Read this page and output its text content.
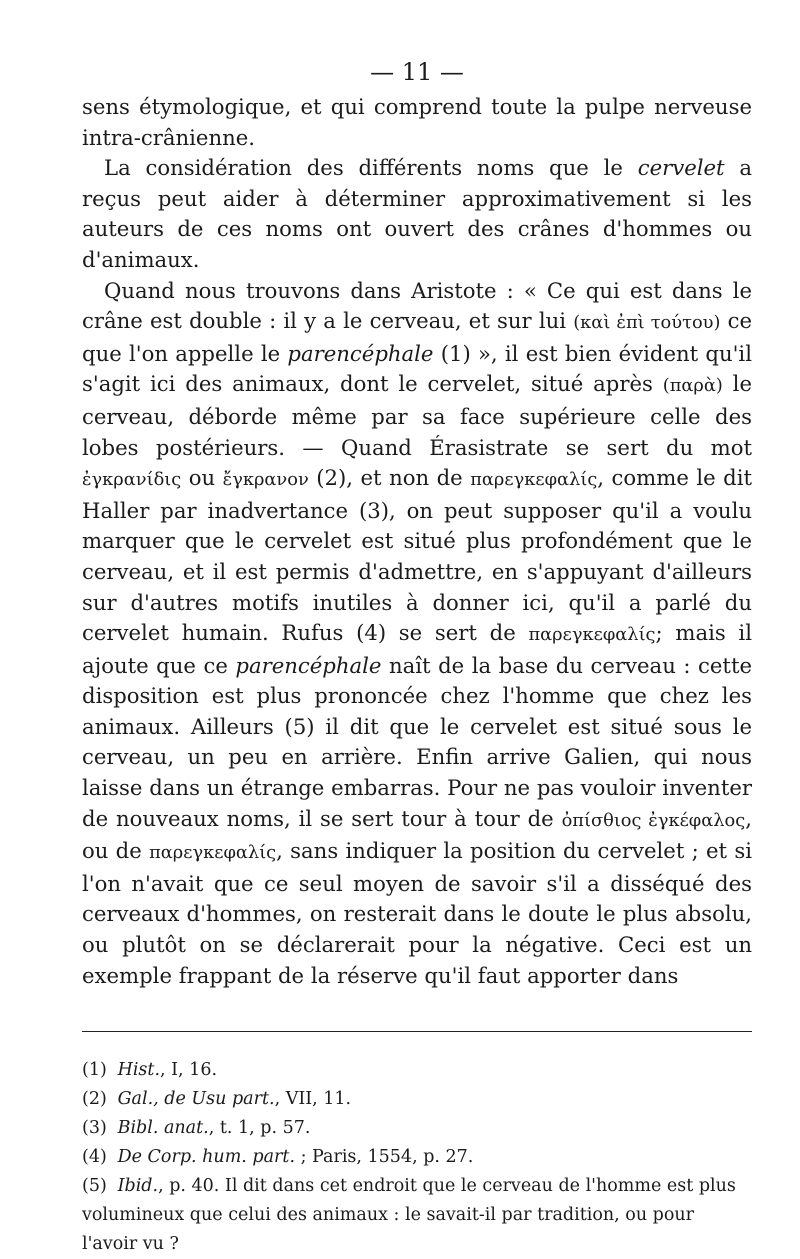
— 11 —

sens étymologique, et qui comprend toute la pulpe nerveuse intra-crânienne.

La considération des différents noms que le cervelet a reçus peut aider à déterminer approximativement si les auteurs de ces noms ont ouvert des crânes d'hommes ou d'animaux.

Quand nous trouvons dans Aristote : « Ce qui est dans le crâne est double : il y a le cerveau, et sur lui (καὶ ἐπὶ τούτου) ce que l'on appelle le parencéphale (1) », il est bien évident qu'il s'agit ici des animaux, dont le cervelet, situé après (παρὰ) le cerveau, déborde même par sa face supérieure celle des lobes postérieurs. — Quand Érasistrate se sert du mot ἐγκρανίδις ou ἔγκρανον (2), et non de παρεγκεφαλίς, comme le dit Haller par inadvertance (3), on peut supposer qu'il a voulu marquer que le cervelet est situé plus profondément que le cerveau, et il est permis d'admettre, en s'appuyant d'ailleurs sur d'autres motifs inutiles à donner ici, qu'il a parlé du cervelet humain. Rufus (4) se sert de παρεγκεφαλίς; mais il ajoute que ce parencéphale naît de la base du cerveau : cette disposition est plus prononcée chez l'homme que chez les animaux. Ailleurs (5) il dit que le cervelet est situé sous le cerveau, un peu en arrière. Enfin arrive Galien, qui nous laisse dans un étrange embarras. Pour ne pas vouloir inventer de nouveaux noms, il se sert tour à tour de ὀπίσθιος ἐγκέφαλος, ou de παρεγκεφαλίς, sans indiquer la position du cervelet ; et si l'on n'avait que ce seul moyen de savoir s'il a disséqué des cerveaux d'hommes, on resterait dans le doute le plus absolu, ou plutôt on se déclarerait pour la négative. Ceci est un exemple frappant de la réserve qu'il faut apporter dans

(1) Hist., I, 16.

(2) Gal., de Usu part., VII, 11.

(3) Bibl. anat., t. 1, p. 57.

(4) De Corp. hum. part. ; Paris, 1554, p. 27.

(5) Ibid., p. 40. Il dit dans cet endroit que le cerveau de l'homme est plus volumineux que celui des animaux : le savait-il par tradition, ou pour l'avoir vu ?
